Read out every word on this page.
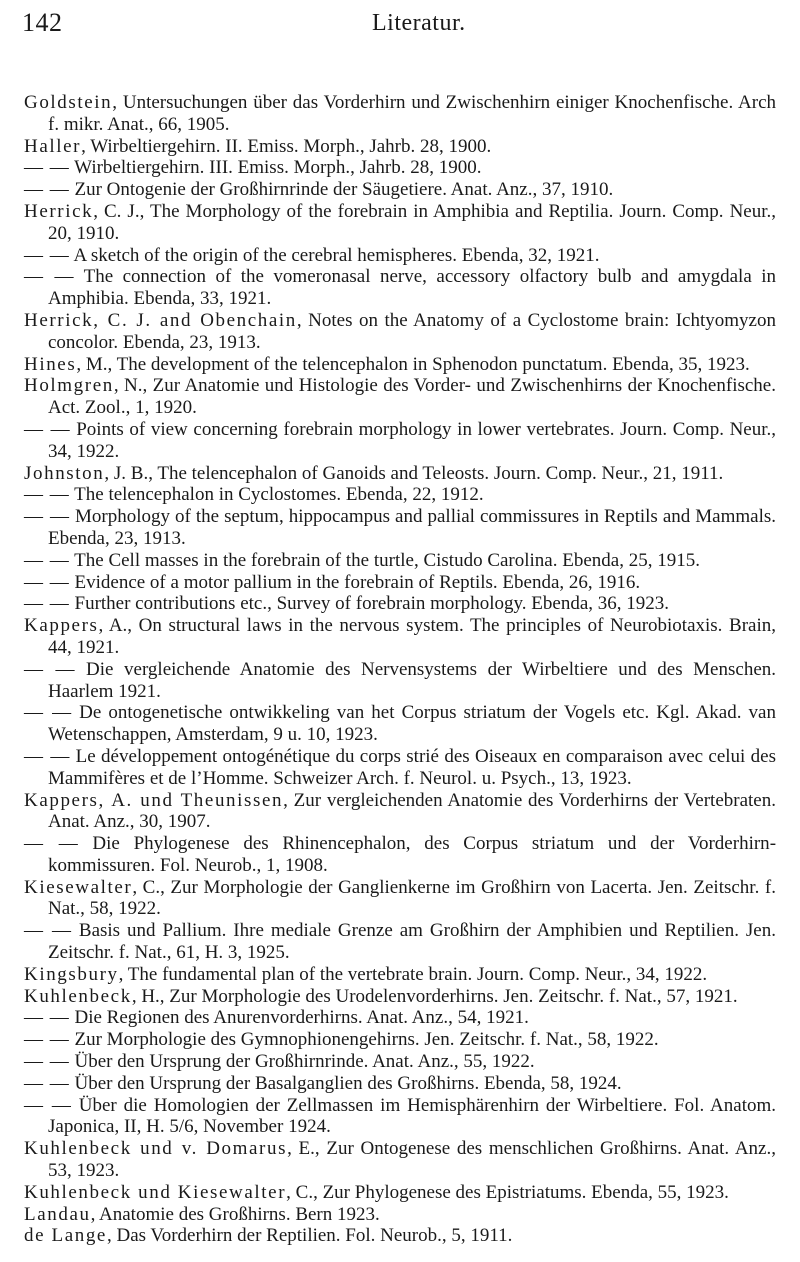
142	Literatur.

Goldstein, Untersuchungen über das Vorderhirn und Zwischenhirn einiger Knochenfische. Arch f. mikr. Anat., 66, 1905.

Haller, Wirbeltiergehirn. II. Emiss. Morph., Jahrb. 28, 1900.

— — Wirbeltiergehirn. III. Emiss. Morph., Jahrb. 28, 1900.

— — Zur Ontogenie der Großhirnrinde der Säugetiere. Anat. Anz., 37, 1910.

Herrick, C. J., The Morphology of the forebrain in Amphibia and Reptilia. Journ. Comp. Neur., 20, 1910.

— — A sketch of the origin of the cerebral hemispheres. Ebenda, 32, 1921.

— — The connection of the vomeronasal nerve, accessory olfactory bulb and amygdala in Amphibia. Ebenda, 33, 1921.

Herrick, C. J. and Obenchain, Notes on the Anatomy of a Cyclostome brain: Ichtyomyzon concolor. Ebenda, 23, 1913.

Hines, M., The development of the telencephalon in Sphenodon punctatum. Ebenda, 35, 1923.

Holmgren, N., Zur Anatomie und Histologie des Vorder- und Zwischenhirns der Knochenfische. Act. Zool., 1, 1920.

— — Points of view concerning forebrain morphology in lower vertebrates. Journ. Comp. Neur., 34, 1922.

Johnston, J. B., The telencephalon of Ganoids and Teleosts. Journ. Comp. Neur., 21, 1911.

— — The telencephalon in Cyclostomes. Ebenda, 22, 1912.

— — Morphology of the septum, hippocampus and pallial commissures in Reptils and Mammals. Ebenda, 23, 1913.

— — The Cell masses in the forebrain of the turtle, Cistudo Carolina. Ebenda, 25, 1915.

— — Evidence of a motor pallium in the forebrain of Reptils. Ebenda, 26, 1916.

— — Further contributions etc., Survey of forebrain morphology. Ebenda, 36, 1923.

Kappers, A., On structural laws in the nervous system. The principles of Neurobiotaxis. Brain, 44, 1921.

— — Die vergleichende Anatomie des Nervensystems der Wirbeltiere und des Menschen. Haarlem 1921.

— — De ontogenetische ontwikkeling van het Corpus striatum der Vogels etc. Kgl. Akad. van Wetenschappen, Amsterdam, 9 u. 10, 1923.

— — Le développement ontogénétique du corps strié des Oiseaux en comparaison avec celui des Mammifères et de l’Homme. Schweizer Arch. f. Neurol. u. Psych., 13, 1923.

Kappers, A. und Theunissen, Zur vergleichenden Anatomie des Vorderhirns der Vertebraten. Anat. Anz., 30, 1907.

— — Die Phylogenese des Rhinencephalon, des Corpus striatum und der Vorderhirnkommissuren. Fol. Neurob., 1, 1908.

Kiesewalter, C., Zur Morphologie der Ganglienkerne im Großhirn von Lacerta. Jen. Zeitschr. f. Nat., 58, 1922.

— — Basis und Pallium. Ihre mediale Grenze am Großhirn der Amphibien und Reptilien. Jen. Zeitschr. f. Nat., 61, H. 3, 1925.

Kingsbury, The fundamental plan of the vertebrate brain. Journ. Comp. Neur., 34, 1922.

Kuhlenbeck, H., Zur Morphologie des Urodelenvorderhirns. Jen. Zeitschr. f. Nat., 57, 1921.

— — Die Regionen des Anurenvorderhirns. Anat. Anz., 54, 1921.

— — Zur Morphologie des Gymnophionengehirns. Jen. Zeitschr. f. Nat., 58, 1922.

— — Über den Ursprung der Großhirnrinde. Anat. Anz., 55, 1922.

— — Über den Ursprung der Basalganglien des Großhirns. Ebenda, 58, 1924.

— — Über die Homologien der Zellmassen im Hemisphärenhirn der Wirbeltiere. Fol. Anatom. Japonica, II, H. 5/6, November 1924.

Kuhlenbeck und v. Domarus, E., Zur Ontogenese des menschlichen Großhirns. Anat. Anz., 53, 1923.

Kuhlenbeck und Kiesewalter, C., Zur Phylogenese des Epistriatums. Ebenda, 55, 1923.

Landau, Anatomie des Großhirns. Bern 1923.

de Lange, Das Vorderhirn der Reptilien. Fol. Neurob., 5, 1911.
